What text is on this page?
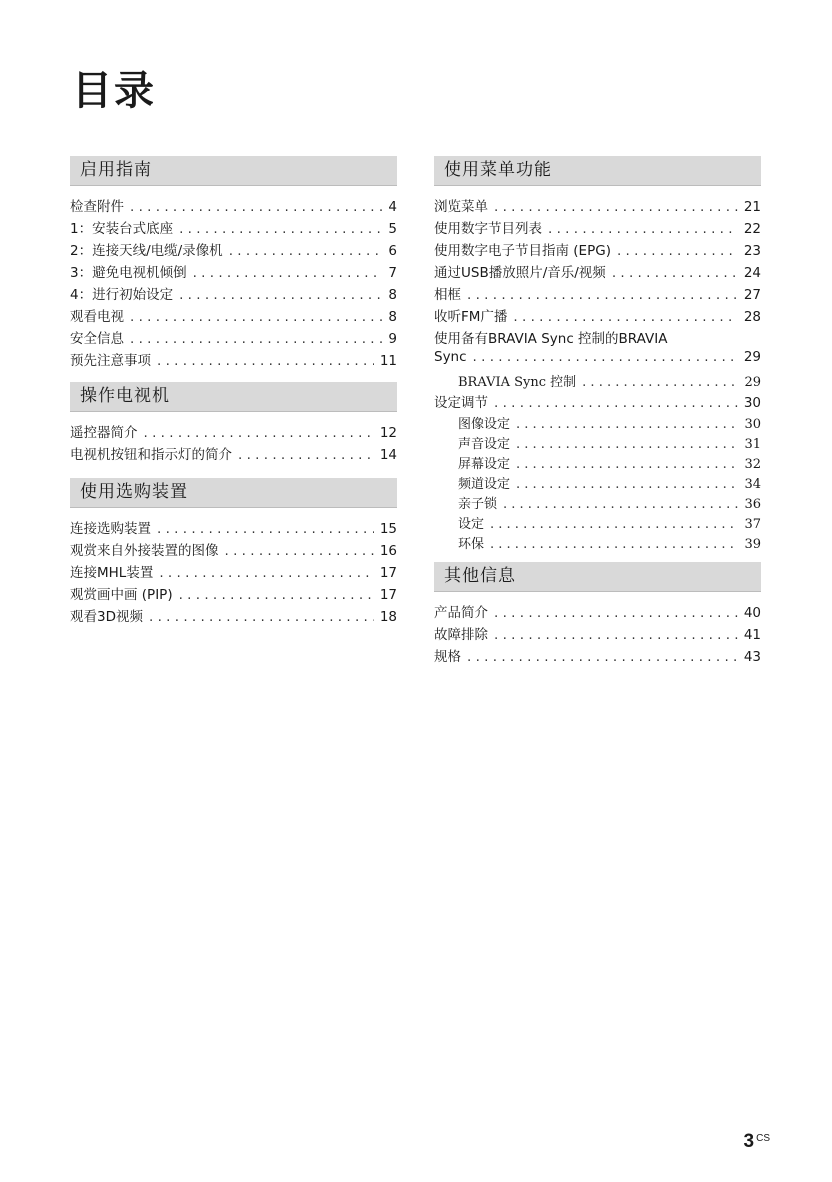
目录
启用指南
检查附件 . . .	4
1：安装台式底座 . . .	5
2：连接天线/电缆/录像机 . . .	6
3：避免电视机倾倒 . . .	7
4：进行初始设定 . . .	8
观看电视 . . .	8
安全信息 . . .	9
预先注意事项 . . .	11
操作电视机
遥控器简介 . . .	12
电视机按钮和指示灯的简介 . . .	14
使用选购装置
连接选购装置 . . .	15
观赏来自外接装置的图像 . . .	16
连接MHL装置 . . .	17
观赏画中画 (PIP) . . .	17
观看3D视频 . . .	18
使用菜单功能
浏览菜单 . . .	21
使用数字节目列表 . . .	22
使用数字电子节目指南 (EPG) . . .	23
通过USB播放照片/音乐/视频 . . .	24
相框 . . .	27
收听FM广播 . . .	28
使用备有BRAVIA Sync 控制的BRAVIA
Sync . . .	29
BRAVIA Sync 控制 . . .	29
设定调节 . . .	30
图像设定 . . .	30
声音设定 . . .	31
屏幕设定 . . .	32
频道设定 . . .	34
亲子锁 . . .	36
设定 . . .	37
环保 . . .	39
其他信息
产品简介 . . .	40
故障排除 . . .	41
规格 . . .	43
3 $^{CS}$
